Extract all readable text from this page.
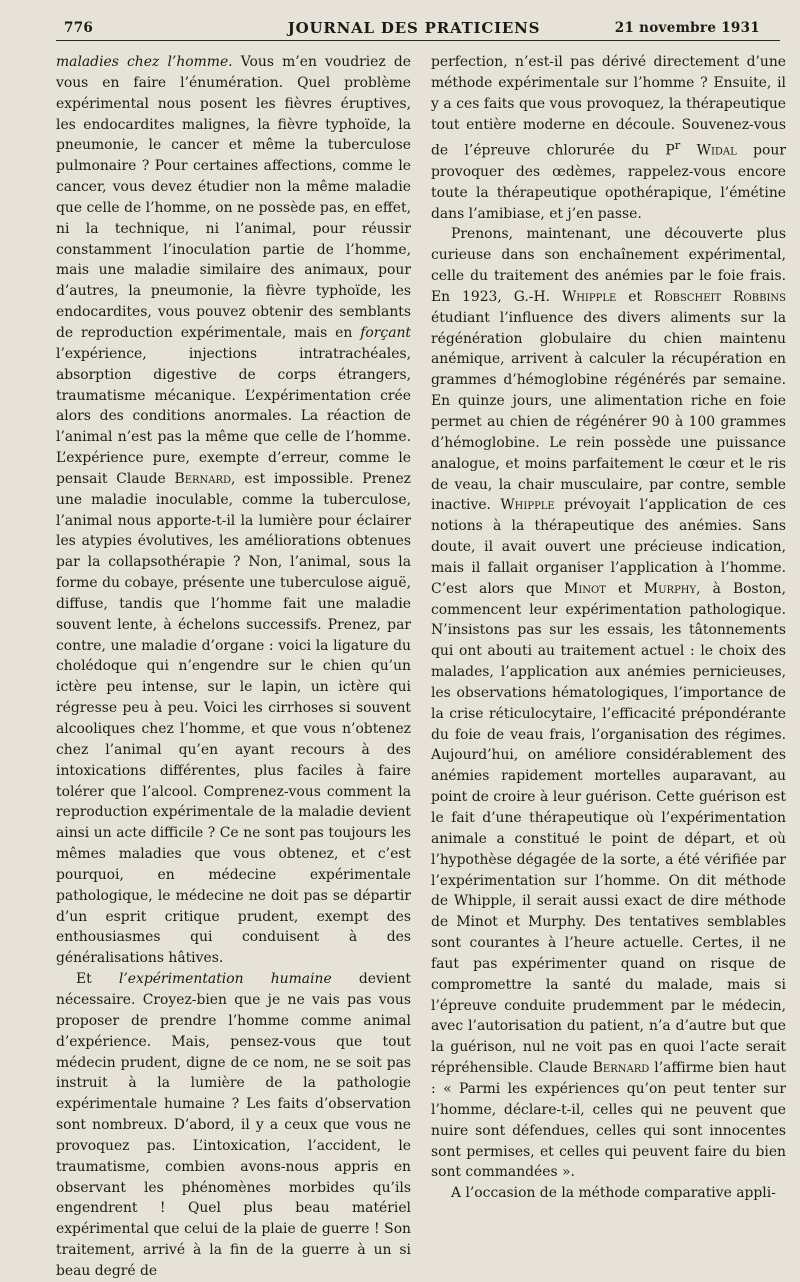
776	JOURNAL DES PRATICIENS	21 novembre 1931

maladies chez l’homme. Vous m’en voudriez de vous en faire l’énumération. Quel problème expérimental nous posent les fièvres éruptives, les endocardites malignes, la fièvre typhoïde, la pneumonie, le cancer et même la tuberculose pulmonaire ? Pour certaines affections, comme le cancer, vous devez étudier non la même maladie que celle de l’homme, on ne possède pas, en effet, ni la technique, ni l’animal, pour réussir constamment l’inoculation partie de l’homme, mais une maladie similaire des animaux, pour d’autres, la pneumonie, la fièvre typhoïde, les endocardites, vous pouvez obtenir des semblants de reproduction expérimentale, mais en forçant l’expérience, injections intratrachéales, absorption digestive de corps étrangers, traumatisme mécanique. L’expérimentation crée alors des conditions anormales. La réaction de l’animal n’est pas la même que celle de l’homme. L’expérience pure, exempte d’erreur, comme le pensait Claude Bernard, est impossible. Prenez une maladie inoculable, comme la tuberculose, l’animal nous apporte-t-il la lumière pour éclairer les atypies évolutives, les améliorations obtenues par la collapsothérapie ? Non, l’animal, sous la forme du cobaye, présente une tuberculose aiguë, diffuse, tandis que l’homme fait une maladie souvent lente, à échelons successifs. Prenez, par contre, une maladie d’organe : voici la ligature du cholédoque qui n’engendre sur le chien qu’un ictère peu intense, sur le lapin, un ictère qui régresse peu à peu. Voici les cirrhoses si souvent alcooliques chez l’homme, et que vous n’obtenez chez l’animal qu’en ayant recours à des intoxications différentes, plus faciles à faire tolérer que l’alcool. Comprenez-vous comment la reproduction expérimentale de la maladie devient ainsi un acte difficile ? Ce ne sont pas toujours les mêmes maladies que vous obtenez, et c’est pourquoi, en médecine expérimentale pathologique, le médecine ne doit pas se départir d’un esprit critique prudent, exempt des enthousiasmes qui conduisent à des généralisations hâtives.

Et l’expérimentation humaine devient nécessaire. Croyez-bien que je ne vais pas vous proposer de prendre l’homme comme animal d’expérience. Mais, pensez-vous que tout médecin prudent, digne de ce nom, ne se soit pas instruit à la lumière de la pathologie expérimentale humaine ? Les faits d’observation sont nombreux. D’abord, il y a ceux que vous ne provoquez pas. L’intoxication, l’accident, le traumatisme, combien avons-nous appris en observant les phénomènes morbides qu’ils engendrent ! Quel plus beau matériel expérimental que celui de la plaie de guerre ! Son traitement, arrivé à la fin de la guerre à un si beau degré de

perfection, n’est-il pas dérivé directement d’une méthode expérimentale sur l’homme ? Ensuite, il y a ces faits que vous provoquez, la thérapeutique tout entière moderne en découle. Souvenez-vous de l’épreuve chlorurée du $P^r$ Widal pour provoquer des œdèmes, rappelez-vous encore toute la thérapeutique opothérapique, l’émétine dans l’amibiase, et j’en passe.

Prenons, maintenant, une découverte plus curieuse dans son enchaînement expérimental, celle du traitement des anémies par le foie frais. En 1923, G.-H. Whipple et Robscheit Robbins étudiant l’influence des divers aliments sur la régénération globulaire du chien maintenu anémique, arrivent à calculer la récupération en grammes d’hémoglobine régénérés par semaine. En quinze jours, une alimentation riche en foie permet au chien de régénérer 90 à 100 grammes d’hémoglobine. Le rein possède une puissance analogue, et moins parfaitement le cœur et le ris de veau, la chair musculaire, par contre, semble inactive. Whipple prévoyait l’application de ces notions à la thérapeutique des anémies. Sans doute, il avait ouvert une précieuse indication, mais il fallait organiser l’application à l’homme. C’est alors que Minot et Murphy, à Boston, commencent leur expérimentation pathologique. N’insistons pas sur les essais, les tâtonnements qui ont abouti au traitement actuel : le choix des malades, l’application aux anémies pernicieuses, les observations hématologiques, l’importance de la crise réticulocytaire, l’efficacité prépondérante du foie de veau frais, l’organisation des régimes. Aujourd’hui, on améliore considérablement des anémies rapidement mortelles auparavant, au point de croire à leur guérison. Cette guérison est le fait d’une thérapeutique où l’expérimentation animale a constitué le point de départ, et où l’hypothèse dégagée de la sorte, a été vérifiée par l’expérimentation sur l’homme. On dit méthode de Whipple, il serait aussi exact de dire méthode de Minot et Murphy. Des tentatives semblables sont courantes à l’heure actuelle. Certes, il ne faut pas expérimenter quand on risque de compromettre la santé du malade, mais si l’épreuve conduite prudemment par le médecin, avec l’autorisation du patient, n’a d’autre but que la guérison, nul ne voit pas en quoi l’acte serait répréhensible. Claude Bernard l’affirme bien haut : « Parmi les expériences qu’on peut tenter sur l’homme, déclare-t-il, celles qui ne peuvent que nuire sont défendues, celles qui sont innocentes sont permises, et celles qui peuvent faire du bien sont commandées ».

A l’occasion de la méthode comparative appli-
